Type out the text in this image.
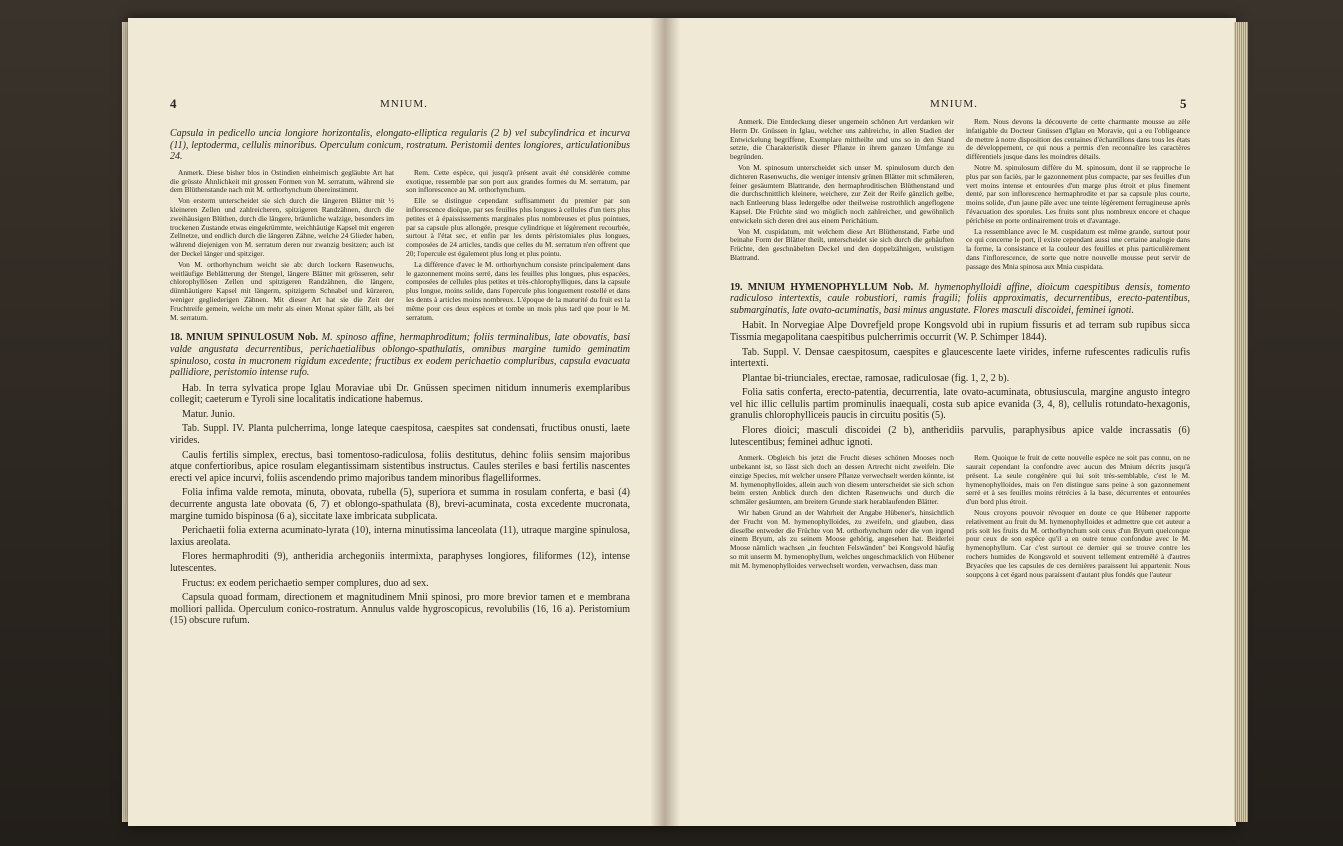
4	MNIUM.

Capsula in pedicello uncia longiore horizontalis, elongato-elliptica regularis (2 b) vel subcylindrica et incurva (11), leptoderma, cellulis minoribus. Operculum conicum, rostratum. Peristomii dentes longiores, articulationibus 24.

Anmerk. Diese bisher blos in Ostindien einheimisch gegläubte Art hat die grösste Ähnlichkeit mit grossen Formen von M. serratum, während sie dem Blüthenstande nach mit M. orthorhynchum übereinstimmt.

Von ersterm unterscheidet sie sich durch die längeren Blätter mit ½ kleineren Zellen und zahlreicheren, spitzigeren Randzähnen, durch die zweihäusigen Blüthen, durch die längere, bräunliche walzige, besonders im trockenen Zustande etwas eingekrümmte, weichhäutige Kapsel mit engeren Zellnetze, und endlich durch die längeren Zähne, welche 24 Glieder haben, während diejenigen von M. serratum deren nur zwanzig besitzen; auch ist der Deckel länger und spitziger.

Von M. orthorhynchum weicht sie ab: durch lockern Rasenwuchs, weitläufige Beblätterung der Stengel, längere Blätter mit grösseren, sehr chlorophyllösen Zellen und spitzigeren Randzähnen, die längere, dünnhäutigere Kapsel mit längerm, spitzigerm Schnabel und kürzeren, weniger gegliederigen Zähnen. Mit dieser Art hat sie die Zeit der Fruchtreife gemein, welche um mehr als einen Monat später fällt, als bei M. serratum.

Rem. Cette espèce, qui jusqu'à présent avait été considérée comme exotique, ressemble par son port aux grandes formes du M. serratum, par son inflorescence au M. orthorhynchum.

Elle se distingue cependant suffisamment du premier par son inflorescence dioïque, par ses feuilles plus longues à cellules d'un tiers plus petites et à épaississements marginales plus nombreuses et plus pointues, par sa capsule plus allongée, presque cylindrique et légèrement recourbée, surtout à l'état sec, et enfin par les dents péristomiales plus longues, composées de 24 articles, tandis que celles du M. serratum n'en offrent que 20; l'opercule est également plus long et plus pointu.

La différence d'avec le M. orthorhynchum consiste principalement dans le gazonnement moins serré, dans les feuilles plus longues, plus espacées, composées de cellules plus petites et très-chlorophylliques, dans la capsule plus longue, moins solide, dans l'opercule plus longuement rostellé et dans les dents à articles moins nombreux. L'époque de la maturité du fruit est la même pour ces deux espèces et tombe un mois plus tard que pour le M. serratum.

18. MNIUM SPINULOSUM Nob. M. spinoso affine, hermaphroditum; foliis terminalibus, late obovatis, basi valde angustata decurrentibus, perichaetialibus oblongo-spathulatis, omnibus margine tumido geminatim spinuloso, costa in mucronem rigidum excedente; fructibus ex eodem perichaetio compluribus, capsula evacuata pallidiore, peristomio intense rufo.

Hab. In terra sylvatica prope Iglau Moraviae ubi Dr. Gnüssen specimen nitidum innumeris exemplaribus collegit; caeterum e Tyroli sine localitatis indicatione habemus.

Matur. Junio.

Tab. Suppl. IV. Planta pulcherrima, longe lateque caespitosa, caespites sat condensati, fructibus onusti, laete virides.

Caulis fertilis simplex, erectus, basi tomentoso-radiculosa, foliis destitutus, dehinc foliis sensim majoribus atque confertioribus, apice rosulam elegantissimam sistentibus instructus. Caules steriles e basi fertilis nascentes erecti vel apice incurvi, foliis ascendendo primo majoribus tandem minoribus flagelliformes.

Folia infima valde remota, minuta, obovata, rubella (5), superiora et summa in rosulam conferta, e basi (4) decurrente angusta late obovata (6, 7) et oblongo-spathulata (8), brevi-acuminata, costa excedente mucronata, margine tumido bispinosa (6 a), siccitate laxe imbricata subplicata.

Perichaetii folia externa acuminato-lyrata (10), interna minutissima lanceolata (11), utraque margine spinulosa, laxius areolata.

Flores hermaphroditi (9), antheridia archegoniis intermixta, paraphyses longiores, filiformes (12), intense lutescentes.

Fructus: ex eodem perichaetio semper complures, duo ad sex.

Capsula quoad formam, directionem et magnitudinem Mnii spinosi, pro more brevior tamen et e membrana molliori pallida. Operculum conico-rostratum. Annulus valde hygroscopicus, revolubilis (16, 16 a). Peristomium (15) obscure rufum.

MNIUM.	5

Anmerk. Die Entdeckung dieser ungemein schönen Art verdanken wir Herrn Dr. Gnüssen in Iglau, welcher uns zahlreiche, in allen Stadien der Entwickelung begriffene, Exemplare mittheilte und uns so in den Stand setzte, die Charakteristik dieser Pflanze in ihrem ganzen Umfange zu begründen.

Von M. spinosum unterscheidet sich unser M. spinulosum durch den dichteren Rasenwuchs, die weniger intensiv grünen Blätter mit schmäleren, feiner gesäumtem Blattrande, den hermaphroditischen Blüthenstand und die durchschnittlich kleinere, weichere, zur Zeit der Reife gänzlich gelbe, nach Entleerung blass ledergelbe oder theilweise rostrothlich angeflogene Kapsel. Die Früchte sind wo möglich noch zahlreicher, und gewöhnlich entwickeln sich deren drei aus einem Perichätium.

Von M. cuspidatum, mit welchem diese Art Blüthenstand, Farbe und beinahe Form der Blätter theilt, unterscheidet sie sich durch die gehäuften Früchte, den geschnäbelten Deckel und den doppelzähnigen, wulstigen Blattrand.

Rem. Nous devons la découverte de cette charmante mousse au zèle infatigable du Docteur Gnüssen d'Iglau en Moravie, qui a eu l'obligeance de mettre à notre disposition des centaines d'échantillons dans tous les états de développement, ce qui nous a permis d'en reconnaître les caractères différentiels jusque dans les moindres détails.

Notre M. spinulosum diffère du M. spinosum, dont il se rapproche le plus par son faciès, par le gazonnement plus compacte, par ses feuilles d'un vert moins intense et entourées d'un marge plus étroit et plus finement denté, par son inflorescence hermaphrodite et par sa capsule plus courte, moins solide, d'un jaune pâle avec une teinte légèrement ferrugineuse après l'évacuation des sporules. Les fruits sont plus nombreux encore et chaque périchèse en porte ordinairement trois et d'avantage.

La ressemblance avec le M. cuspidatum est même grande, surtout pour ce qui concerne le port, il existe cependant aussi une certaine analogie dans la forme, la consistance et la couleur des feuilles et plus particulièrement dans l'inflorescence, de sorte que notre nouvelle mousse peut servir de passage des Mnia spinosa aux Mnia cuspidata.

19. MNIUM HYMENOPHYLLUM Nob. M. hymenophylloidi affine, dioicum caespitibus densis, tomento radiculoso intertextis, caule robustiori, ramis fragili; foliis approximatis, decurrentibus, erecto-patentibus, submarginatis, late ovato-acuminatis, basi minus angustate. Flores masculi discoidei, feminei ignoti.

Habit. In Norvegiae Alpe Dovrefjeld prope Kongsvold ubi in rupium fissuris et ad terram sub rupibus sicca Tissmia megapolitana caespitibus pulcherrimis occurrit (W. P. Schimper 1844).

Tab. Suppl. V. Densae caespitosum, caespites e glaucescente laete virides, inferne rufescentes radiculis rufis intertexti.

Plantae bi-triunciales, erectae, ramosae, radiculosae (fig. 1, 2, 2 b).

Folia satis conferta, erecto-patentia, decurrentia, late ovato-acuminata, obtusiuscula, margine angusto integro vel hic illic cellulis partim prominulis inaequali, costa sub apice evanida (3, 4, 8), cellulis rotundato-hexagonis, granulis chlorophylliceis paucis in circuitu positis (5).

Flores dioici; masculi discoidei (2 b), antheridiis parvulis, paraphysibus apice valde incrassatis (6) lutescentibus; feminei adhuc ignoti.

Anmerk. Obgleich bis jetzt die Frucht dieses schönen Mooses noch unbekannt ist, so lässt sich doch an dessen Artrecht nicht zweifeln. Die einzige Species, mit welcher unsere Pflanze verwechselt werden könnte, ist M. hymenophylloides, allein auch von diesem unterscheidet sie sich schon beim ersten Anblick durch den dichten Rasenwuchs und durch die schmäler gesäumten, am breitern Grunde stark herablaufenden Blätter.

Wir haben Grund an der Wahrheit der Angabe Hübener's, hinsichtlich der Frucht von M. hymenophylloides, zu zweifeln, und glauben, dass dieselbe entweder die Früchte von M. orthorhynchum oder die von irgend einem Bryum, als zu seinem Moose gehörig, angesehen hat. Beiderlei Moose nämlich wachsen „in feuchten Felswänden" bei Kongsvold häufig so mit unserm M. hymenophyllum, welches ungeschmacklich von Hübener mit M. hymenophylloides verwechselt worden, verwachsen, dass man

Rem. Quoique le fruit de cette nouvelle espèce ne soit pas connu, on ne saurait cependant la confondre avec aucun des Mnium décrits jusqu'à présent. La seule congénère qui lui soit très-semblable, c'est le M. hymenophylloides, mais on l'en distingue sans peine à son gazonnement serré et à ses feuilles moins rétrécies à la base, décurrentes et entourées d'un bord plus étroit.

Nous croyons pouvoir révoquer en doute ce que Hübener rapporte relativement au fruit du M. hymenophylloides et admettre que cet auteur a pris soit les fruits du M. orthorhynchum soit ceux d'un Bryum quelconque pour ceux de son espèce qu'il a en outre tenue confondue avec le M. hymenophyllum. Car c'est surtout ce dernier qui se trouve contre les rochers humides de Kongsvold et souvent tellement entremêlé à d'autres Bryacées que les capsules de ces dernières paraissent lui appartenir. Nous soupçons à cet égard nous paraissent d'autant plus fondés que l'auteur
